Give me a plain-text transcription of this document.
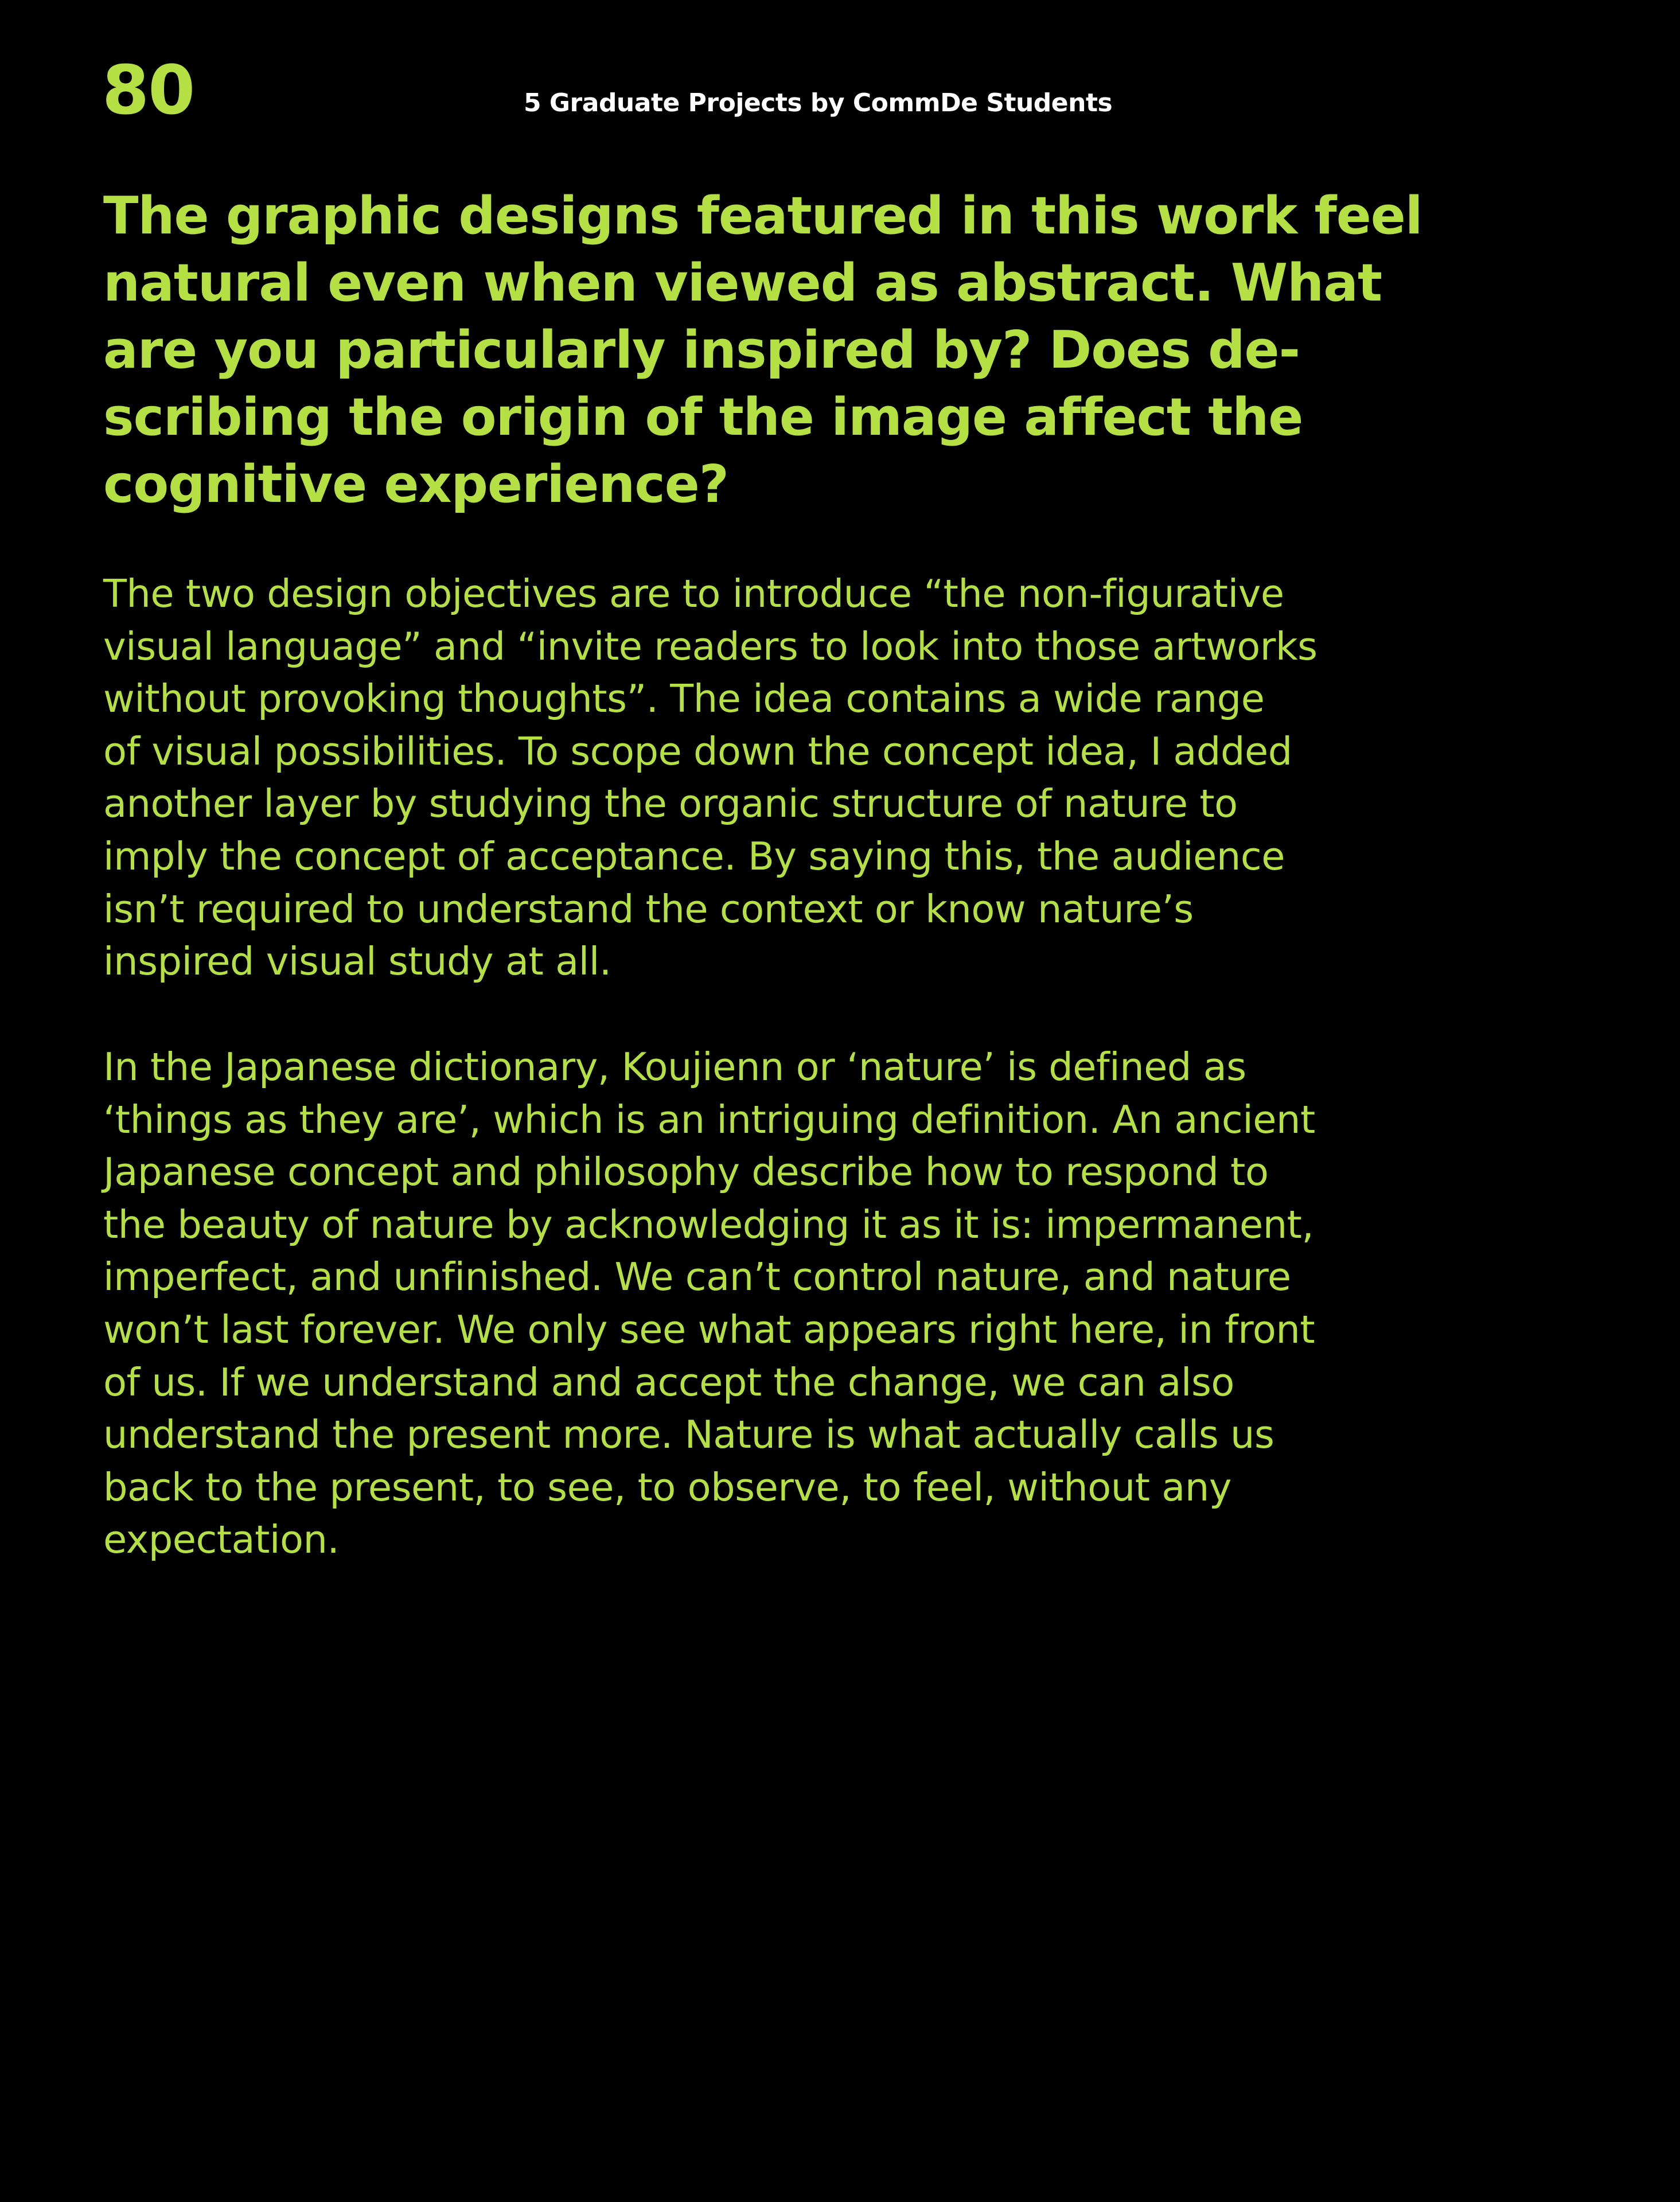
80	5 Graduate Projects by CommDe Students
The graphic designs featured in this work feel
natural even when viewed as abstract. What
are you particularly inspired by? Does de-
scribing the origin of the image affect the
cognitive experience?

The two design objectives are to introduce “the non-figurative
visual language” and “invite readers to look into those artworks
without provoking thoughts”. The idea contains a wide range
of visual possibilities. To scope down the concept idea, I added
another layer by studying the organic structure of nature to
imply the concept of acceptance. By saying this, the audience
isn’t required to understand the context or know nature’s
inspired visual study at all.

In the Japanese dictionary, Koujienn or ‘nature’ is defined as
‘things as they are’, which is an intriguing definition. An ancient
Japanese concept and philosophy describe how to respond to
the beauty of nature by acknowledging it as it is: impermanent,
imperfect, and unfinished. We can’t control nature, and nature
won’t last forever. We only see what appears right here, in front
of us. If we understand and accept the change, we can also
understand the present more. Nature is what actually calls us
back to the present, to see, to observe, to feel, without any
expectation.
